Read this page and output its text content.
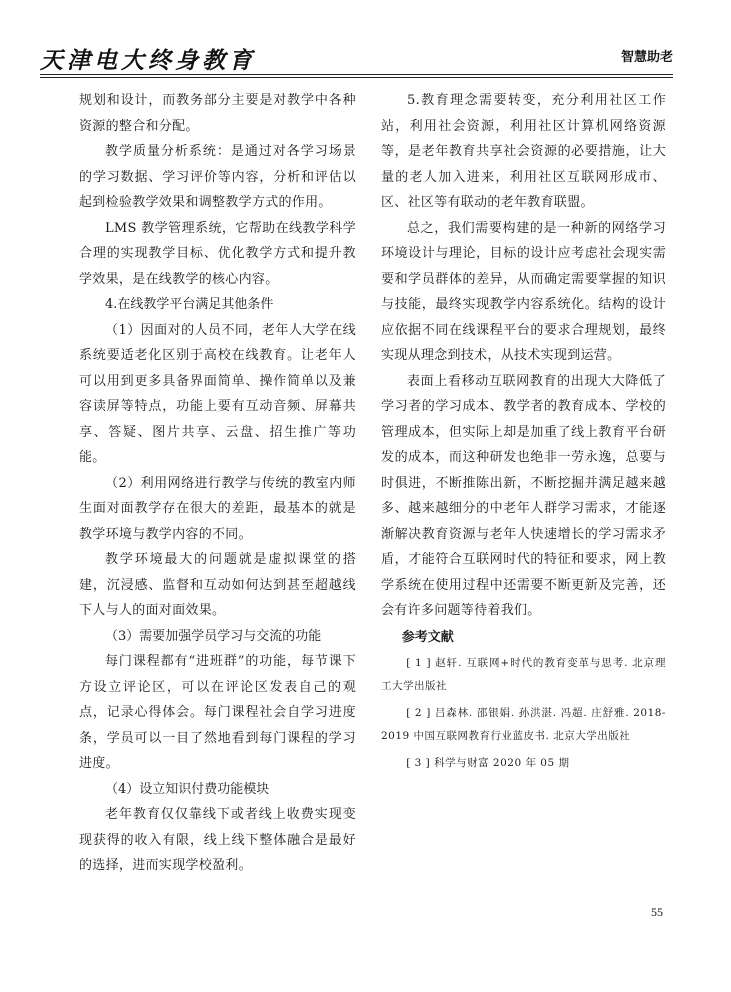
天津电大终身教育	智慧助老

规划和设计，而教务部分主要是对教学中各种资源的整合和分配。

教学质量分析系统：是通过对各学习场景的学习数据、学习评价等内容，分析和评估以起到检验教学效果和调整教学方式的作用。

LMS 教学管理系统，它帮助在线教学科学合理的实现教学目标、优化教学方式和提升教学效果，是在线教学的核心内容。

4.在线教学平台满足其他条件

（1）因面对的人员不同，老年人大学在线系统要适老化区别于高校在线教育。让老年人可以用到更多具备界面简单、操作简单以及兼容读屏等特点，功能上要有互动音频、屏幕共享、答疑、图片共享、云盘、招生推广等功能。

（2）利用网络进行教学与传统的教室内师生面对面教学存在很大的差距，最基本的就是教学环境与教学内容的不同。

教学环境最大的问题就是虚拟课堂的搭建，沉浸感、监督和互动如何达到甚至超越线下人与人的面对面效果。

（3）需要加强学员学习与交流的功能

每门课程都有“进班群”的功能，每节课下方设立评论区，可以在评论区发表自己的观点，记录心得体会。每门课程社会自学习进度条，学员可以一目了然地看到每门课程的学习进度。

（4）设立知识付费功能模块

老年教育仅仅靠线下或者线上收费实现变现获得的收入有限，线上线下整体融合是最好的选择，进而实现学校盈利。

5.教育理念需要转变，充分利用社区工作站，利用社会资源，利用社区计算机网络资源等，是老年教育共享社会资源的必要措施，让大量的老人加入进来，利用社区互联网形成市、区、社区等有联动的老年教育联盟。

总之，我们需要构建的是一种新的网络学习环境设计与理论，目标的设计应考虑社会现实需要和学员群体的差异，从而确定需要掌握的知识与技能，最终实现教学内容系统化。结构的设计应依据不同在线课程平台的要求合理规划，最终实现从理念到技术，从技术实现到运营。

表面上看移动互联网教育的出现大大降低了学习者的学习成本、教学者的教育成本、学校的管理成本，但实际上却是加重了线上教育平台研发的成本，而这种研发也绝非一劳永逸，总要与时俱进，不断推陈出新，不断挖掘并满足越来越多、越来越细分的中老年人群学习需求，才能逐渐解决教育资源与老年人快速增长的学习需求矛盾，才能符合互联网时代的特征和要求，网上教学系统在使用过程中还需要不断更新及完善，还会有许多问题等待着我们。

参考文献

[ 1 ] 赵轩. 互联网+时代的教育变革与思考. 北京理工大学出版社

[ 2 ] 吕森林. 邵银娟. 孙洪湛. 冯超. 庄舒雅. 2018-2019 中国互联网教育行业蓝皮书. 北京大学出版社

[ 3 ] 科学与财富 2020 年 05 期

55
